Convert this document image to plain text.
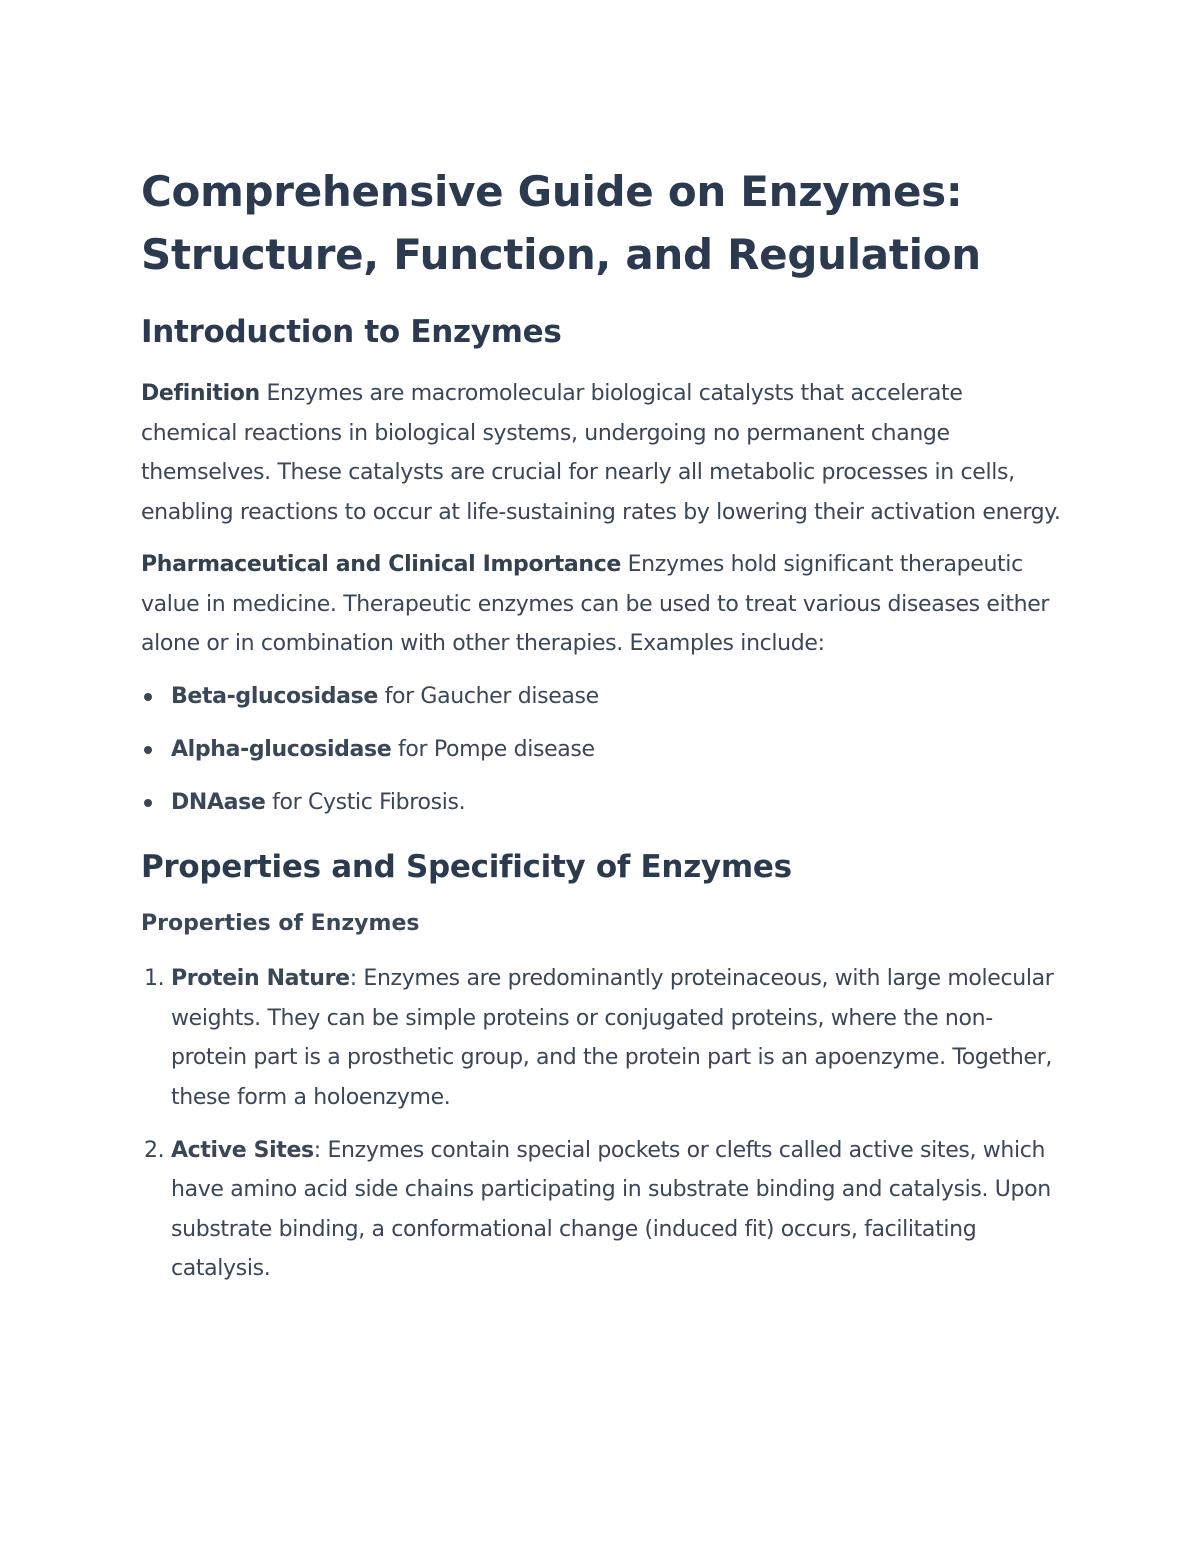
Comprehensive Guide on Enzymes:
Structure, Function, and Regulation
Introduction to Enzymes

Definition Enzymes are macromolecular biological catalysts that accelerate chemical reactions in biological systems, undergoing no permanent change themselves. These catalysts are crucial for nearly all metabolic processes in cells, enabling reactions to occur at life-sustaining rates by lowering their activation energy.

Pharmaceutical and Clinical Importance Enzymes hold significant therapeutic value in medicine. Therapeutic enzymes can be used to treat various diseases either alone or in combination with other therapies. Examples include:

Beta-glucosidase for Gaucher disease
Alpha-glucosidase for Pompe disease
DNAase for Cystic Fibrosis.
Properties and Specificity of Enzymes
Properties of Enzymes
1. Protein Nature: Enzymes are predominantly proteinaceous, with large molecular weights. They can be simple proteins or conjugated proteins, where the non-protein part is a prosthetic group, and the protein part is an apoenzyme. Together, these form a holoenzyme.
2. Active Sites: Enzymes contain special pockets or clefts called active sites, which have amino acid side chains participating in substrate binding and catalysis. Upon substrate binding, a conformational change (induced fit) occurs, facilitating catalysis.
